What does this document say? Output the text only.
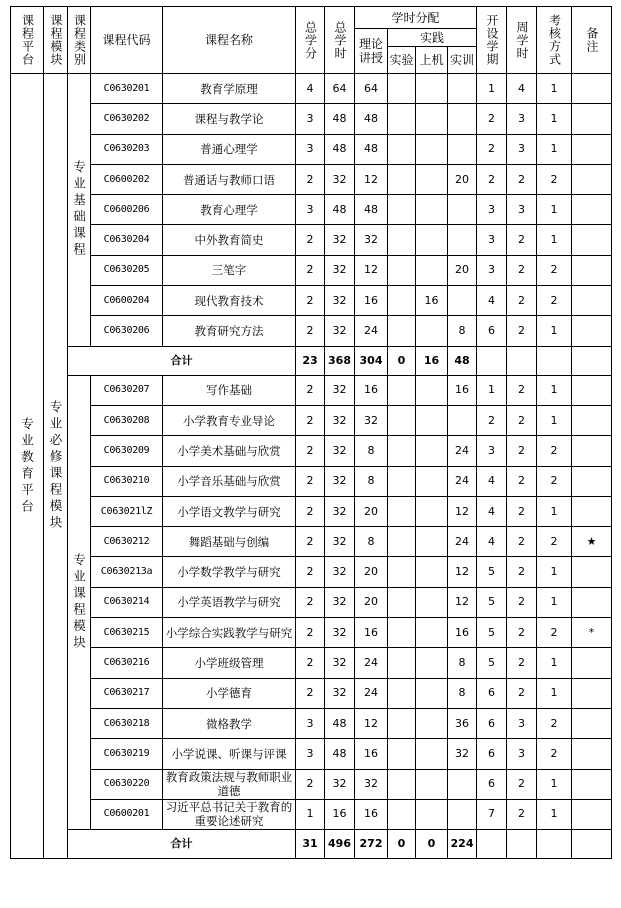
课程平台	课程模块	课程类别	课程代码	课程名称	总学分	总学时	学时分配				开设学期	周学时	考核方式	备注

							理论讲授	实践						
								实验	上机	实训				

专业教育平台	专业必修课程模块	专业基础课程	C0630201	教育学原理	4	64	64				1	4	1	
			C0630202	课程与教学论	3	48	48				2	3	1	
			C0630203	普通心理学	3	48	48				2	3	1	
			C0600202	普通话与教师口语	2	32	12			20	2	2	2	
			C0600206	教育心理学	3	48	48				3	3	1	
			C0630204	中外教育简史	2	32	32				3	2	1	
			C0630205	三笔字	2	32	12			20	3	2	2	
			C0600204	现代教育技术	2	32	16		16		4	2	2	
			C0630206	教育研究方法	2	32	24			8	6	2	1	
		合计			23	368	304	0	16	48				

		专业课程模块	C0630207	写作基础	2	32	16			16	1	2	1	
			C0630208	小学教育专业导论	2	32	32				2	2	1	
			C0630209	小学美术基础与欣赏	2	32	8			24	3	2	2	
			C0630210	小学音乐基础与欣赏	2	32	8			24	4	2	2	
			C063021lZ	小学语文教学与研究	2	32	20			12	4	2	1	
			C0630212	舞蹈基础与创编	2	32	8			24	4	2	2	★
			C0630213a	小学数学教学与研究	2	32	20			12	5	2	1	
			C0630214	小学英语教学与研究	2	32	20			12	5	2	1	
			C0630215	小学综合实践教学与研究	2	32	16			16	5	2	2	*
			C0630216	小学班级管理	2	32	24			8	5	2	1	
			C0630217	小学德育	2	32	24			8	6	2	1	
			C0630218	微格教学	3	48	12			36	6	3	2	
			C0630219	小学说课、听课与评课	3	48	16			32	6	3	2	
			C0630220	教育政策法规与教师职业道德	2	32	32				6	2	1	
			C0600201	习近平总书记关于教育的重要论述研究	1	16	16				7	2	1	
		合计			31	496	272	0	0	224				
